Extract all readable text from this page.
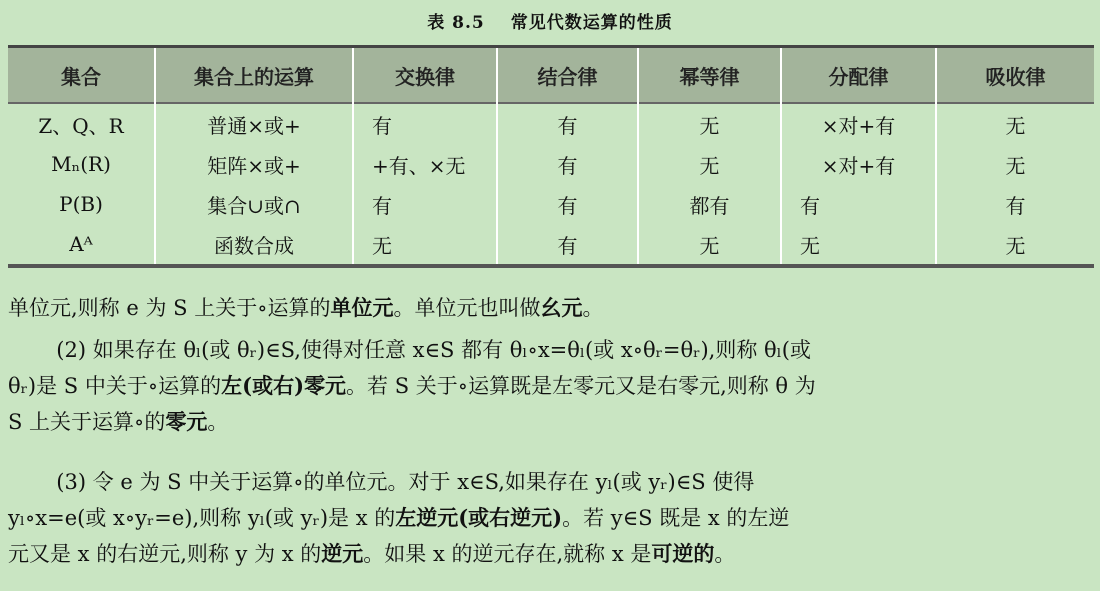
表 8.5 常见代数运算的性质
集合	集合上的运算	交换律	结合律	幂等律	分配律	吸收律
Z、Q、R	普通×或+	有	有	无	×对+有	无
Mₙ(R)	矩阵×或+	+有、×无	有	无	×对+有	无
P(B)	集合∪或∩	有	有	都有	有	有
Aᴬ	函数合成	无	有	无	无	无

单位元,则称 e 为 S 上关于∘运算的单位元。单位元也叫做幺元。

(2) 如果存在 θₗ(或 θᵣ)∈S,使得对任意 x∈S 都有 θₗ∘x=θₗ(或 x∘θᵣ=θᵣ),则称 θₗ(或
θᵣ)是 S 中关于∘运算的左(或右)零元。若 S 关于∘运算既是左零元又是右零元,则称 θ 为
S 上关于运算∘的零元。

(3) 令 e 为 S 中关于运算∘的单位元。对于 x∈S,如果存在 yₗ(或 yᵣ)∈S 使得
yₗ∘x=e(或 x∘yᵣ=e),则称 yₗ(或 yᵣ)是 x 的左逆元(或右逆元)。若 y∈S 既是 x 的左逆
元又是 x 的右逆元,则称 y 为 x 的逆元。如果 x 的逆元存在,就称 x 是可逆的。
